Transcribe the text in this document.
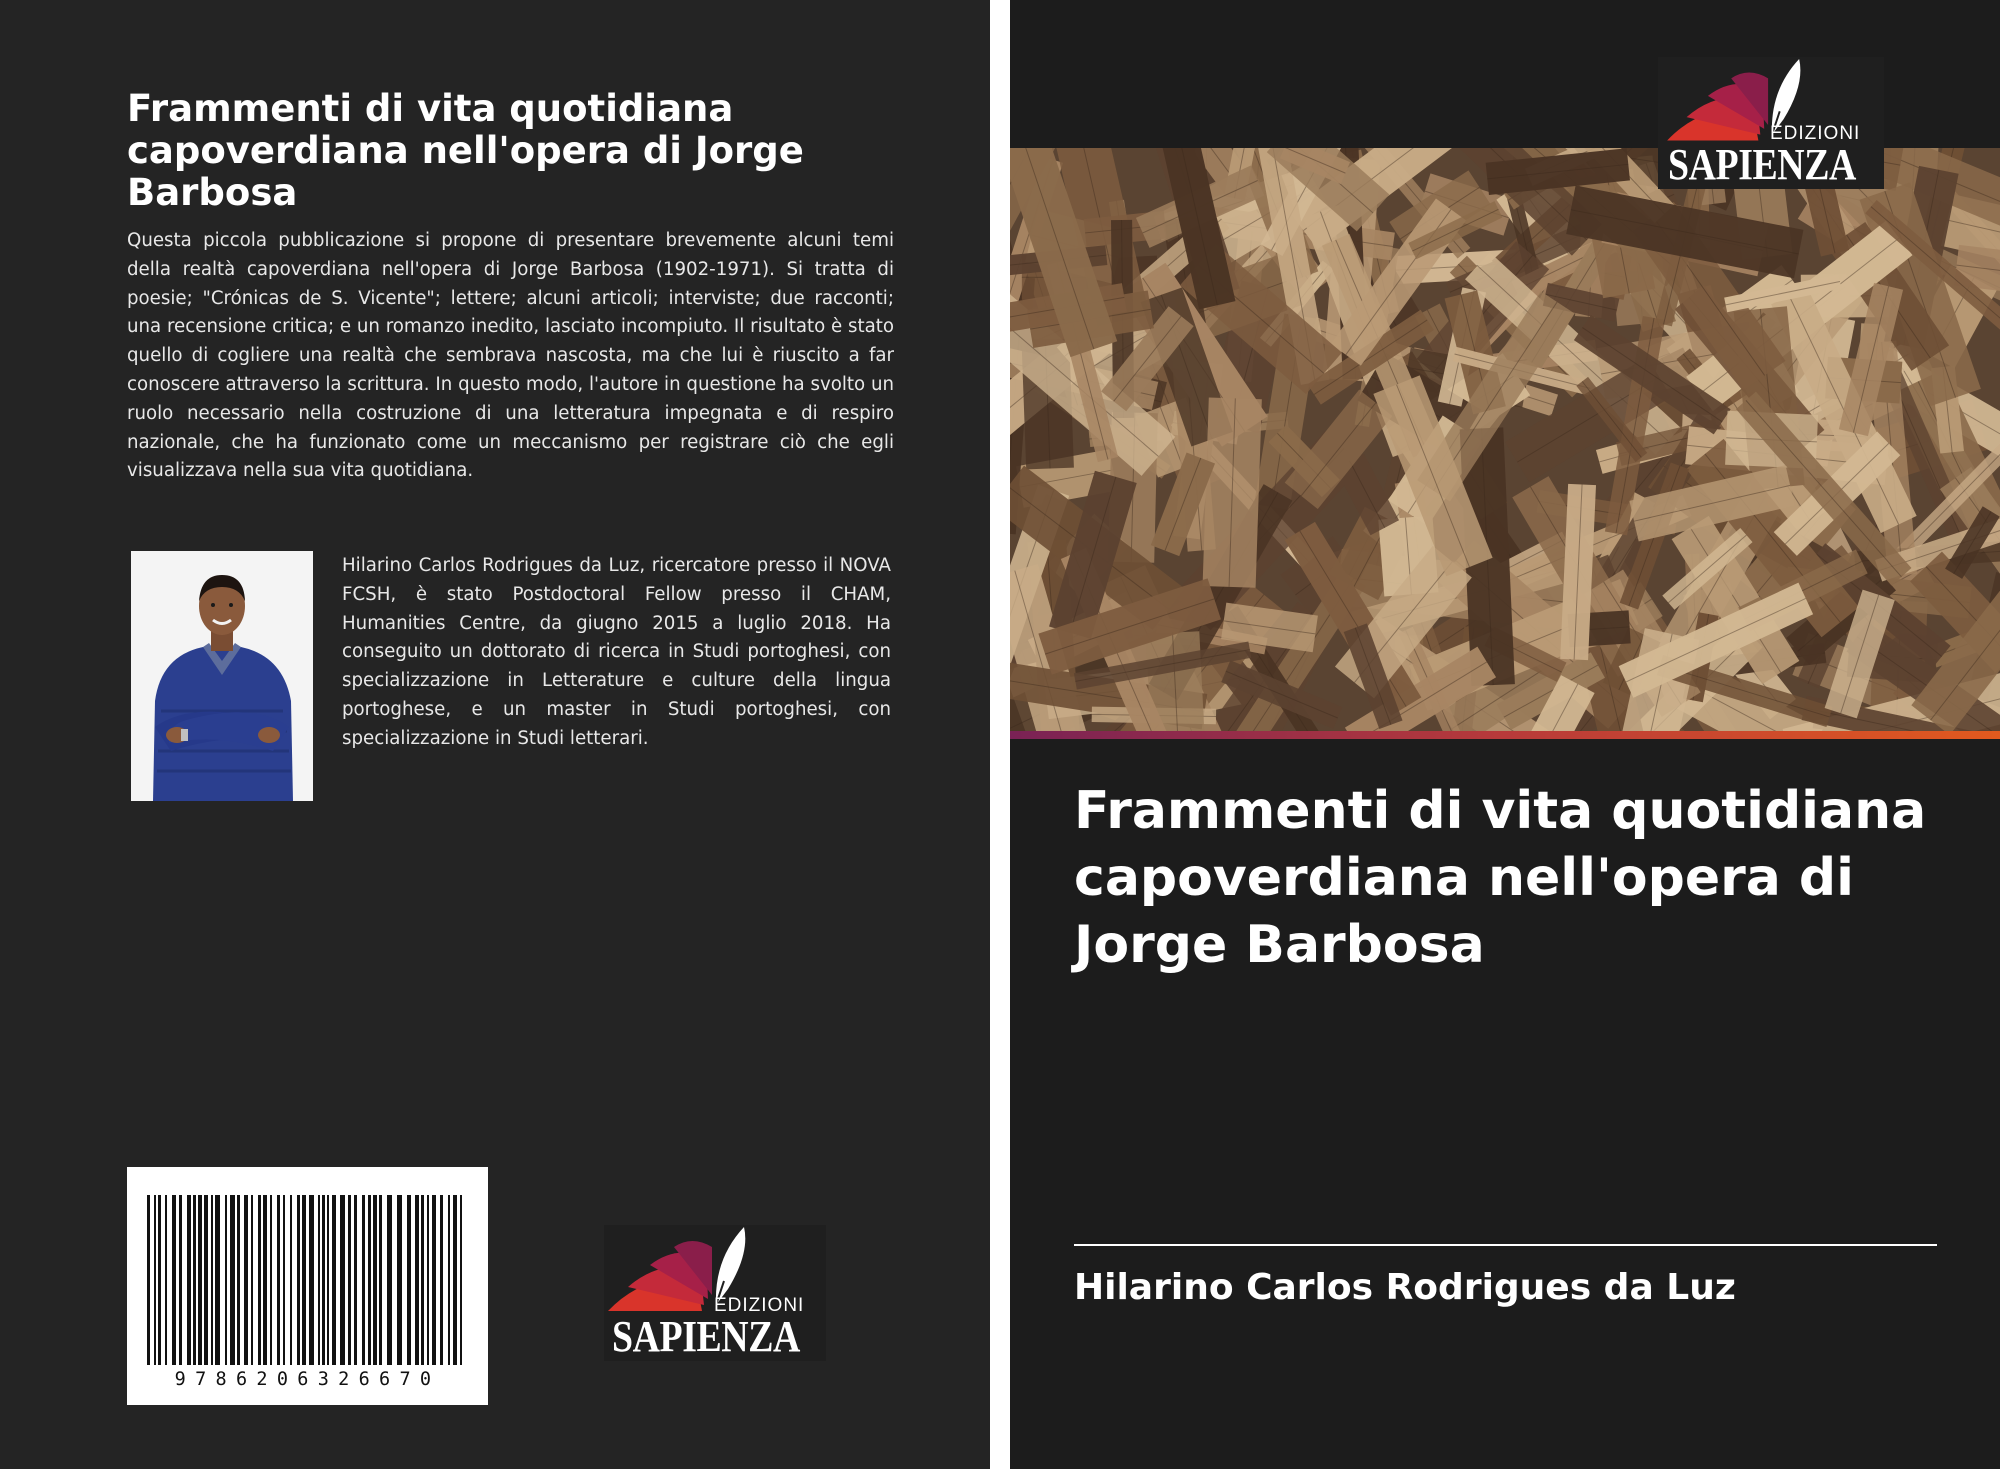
Frammenti di vita quotidiana capoverdiana nell'opera di Jorge Barbosa

Questa piccola pubblicazione si propone di presentare brevemente alcuni temi della realtà capoverdiana nell'opera di Jorge Barbosa (1902-1971). Si tratta di poesie; "Crónicas de S. Vicente"; lettere; alcuni articoli; interviste; due racconti; una recensione critica; e un romanzo inedito, lasciato incompiuto. Il risultato è stato quello di cogliere una realtà che sembrava nascosta, ma che lui è riuscito a far conoscere attraverso la scrittura. In questo modo, l'autore in questione ha svolto un ruolo necessario nella costruzione di una letteratura impegnata e di respiro nazionale, che ha funzionato come un meccanismo per registrare ciò che egli visualizzava nella sua vita quotidiana.

Hilarino Carlos Rodrigues da Luz, ricercatore presso il NOVA FCSH, è stato Postdoctoral Fellow presso il CHAM, Humanities Centre, da giugno 2015 a luglio 2018. Ha conseguito un dottorato di ricerca in Studi portoghesi, con specializzazione in Letterature e culture della lingua portoghese, e un master in Studi portoghesi, con specializzazione in Studi letterari.

9786206326670
EDIZIONI
SAPIENZA
EDIZIONI
SAPIENZA
Frammenti di vita quotidiana capoverdiana nell'opera di Jorge Barbosa

Hilarino Carlos Rodrigues da Luz
